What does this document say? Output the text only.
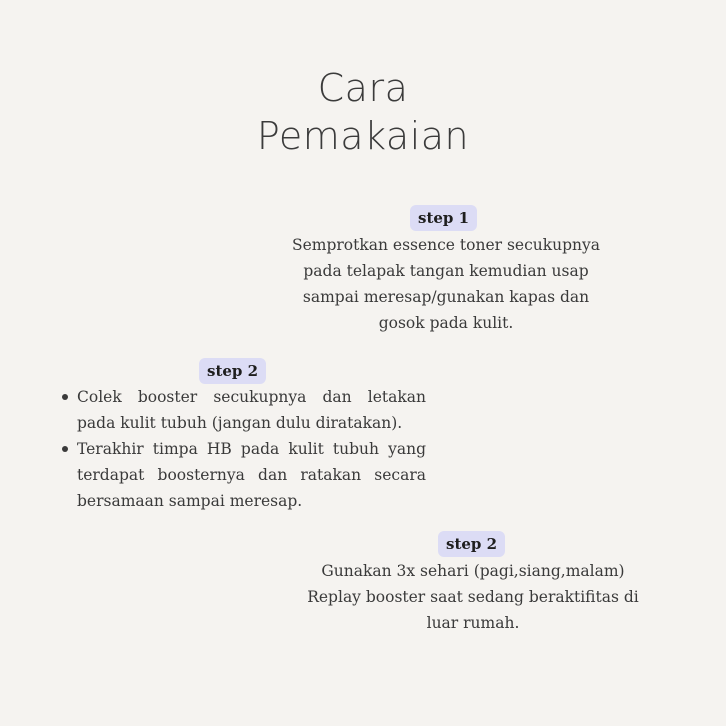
Cara
Pemakaian
step 1
Semprotkan essence toner secukupnya
pada telapak tangan kemudian usap
sampai meresap/gunakan kapas dan
gosok pada kulit.
step 2
Colek booster secukupnya dan letakan
pada kulit tubuh (jangan dulu diratakan).
Terakhir timpa HB pada kulit tubuh yang
terdapat boosternya dan ratakan secara
bersamaan sampai meresap.
step 2
Gunakan 3x sehari (pagi,siang,malam)
Replay booster saat sedang beraktifitas di
luar rumah.
